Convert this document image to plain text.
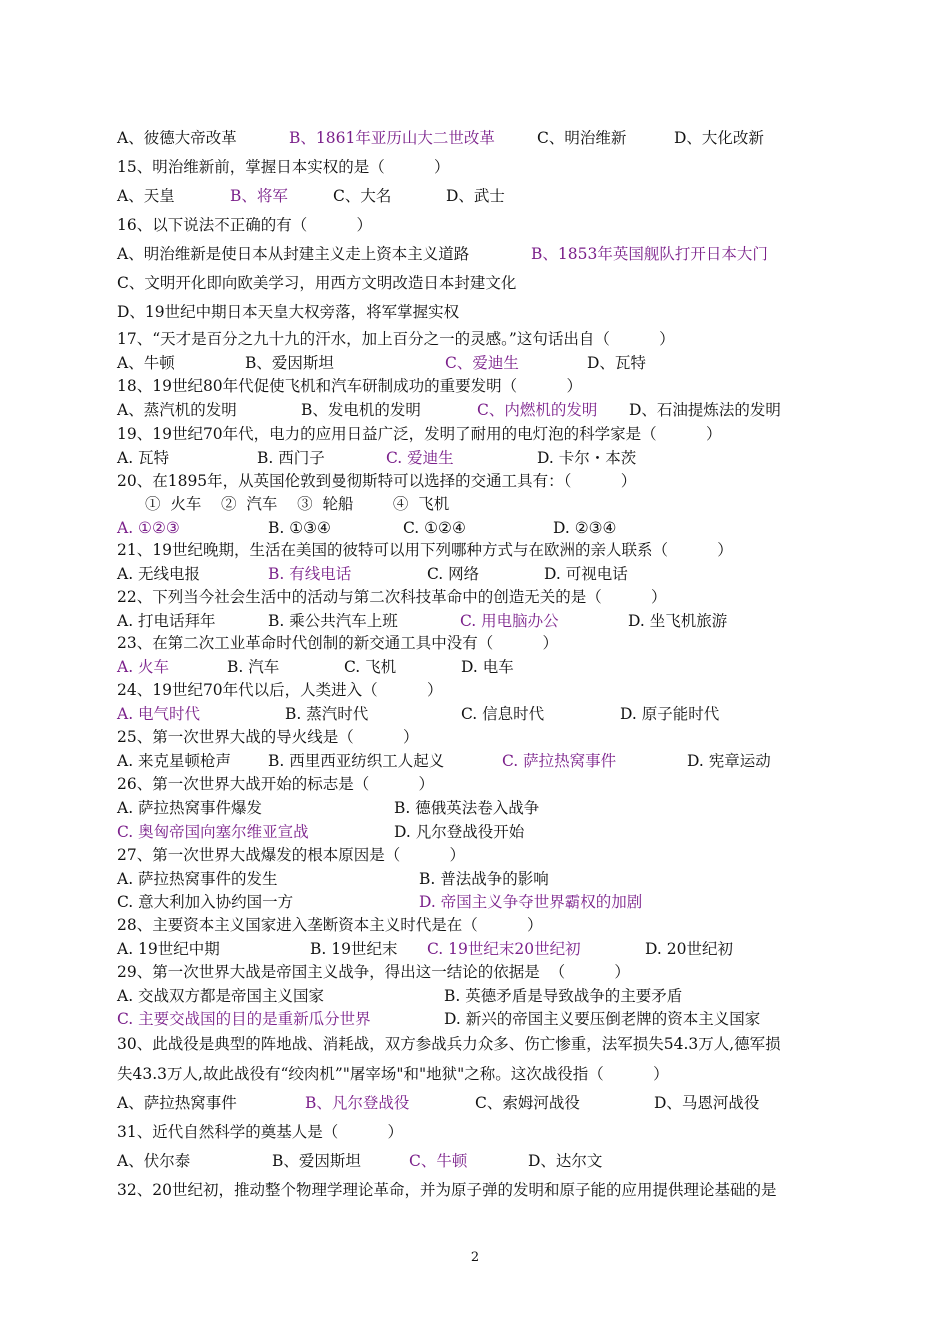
A、彼德大帝改革

	B、1861年亚历山大二世改革

	C、明治维新

	D、大化改新

15、明治维新前，掌握日本实权的是（          ）

A、天皇

	B、将军

	C、大名

	D、武士

16、以下说法不正确的有（          ）

A、明治维新是使日本从封建主义走上资本主义道路

	B、1853年英国舰队打开日本大门

C、文明开化即向欧美学习，用西方文明改造日本封建文化
D、19世纪中期日本天皇大权旁落，将军掌握实权
17、“天才是百分之九十九的汗水，加上百分之一的灵感。”这句话出自（          ）

A、牛顿

	B、爱因斯坦

	C、爱迪生

	D、瓦特

18、19世纪80年代促使飞机和汽车研制成功的重要发明（          ）

A、蒸汽机的发明

	B、发电机的发明

	C、内燃机的发明

D、石油提炼法的发明

19、19世纪70年代，电力的应用日益广泛，发明了耐用的电灯泡的科学家是（          ）

A. 瓦特

	B. 西门子

	C. 爱迪生

	D. 卡尔・本茨

20、在1895年，从英国伦敦到曼彻斯特可以选择的交通工具有：（          ）

①  火车    ②  汽车    ③  轮船        ④  飞机

A. ①②③

	B. ①③④

	C. ①②④

	D. ②③④

21、19世纪晚期，生活在美国的彼特可以用下列哪种方式与在欧洲的亲人联系（          ）

A. 无线电报

	B. 有线电话

	C. 网络

	D. 可视电话

22、下列当今社会生活中的活动与第二次科技革命中的创造无关的是（          ）

A. 打电话拜年

	B. 乘公共汽车上班

	C. 用电脑办公

	D. 坐飞机旅游

23、在第二次工业革命时代创制的新交通工具中没有（          ）

A. 火车

	B. 汽车

	C. 飞机

	D. 电车

24、19世纪70年代以后，人类进入（          ）

A. 电气时代

	B. 蒸汽时代

	C. 信息时代

	D. 原子能时代

25、第一次世界大战的导火线是（          ）

A. 来克星顿枪声

B. 西里西亚纺织工人起义

	C. 萨拉热窝事件

	D. 宪章运动

26、第一次世界大战开始的标志是（          ）

A. 萨拉热窝事件爆发

	B. 德俄英法卷入战争

C. 奥匈帝国向塞尔维亚宣战

	D. 凡尔登战役开始

27、第一次世界大战爆发的根本原因是（          ）

A. 萨拉热窝事件的发生

	B. 普法战争的影响

C. 意大利加入协约国一方

	D. 帝国主义争夺世界霸权的加剧

28、主要资本主义国家进入垄断资本主义时代是在（          ）

A. 19世纪中期

	B. 19世纪末

C. 19世纪末20世纪初

	D. 20世纪初

29、第一次世界大战是帝国主义战争，得出这一结论的依据是  （          ）

A. 交战双方都是帝国主义国家

	B. 英德矛盾是导致战争的主要矛盾

C. 主要交战国的目的是重新瓜分世界

	D. 新兴的帝国主义要压倒老牌的资本主义国家

30、此战役是典型的阵地战、消耗战，双方参战兵力众多、伤亡惨重，法军损失54.3万人,德军损
失43.3万人,故此战役有“绞肉机”"屠宰场"和"地狱"之称。这次战役指（          ）

A、萨拉热窝事件

	B、凡尔登战役

	C、索姆河战役

	D、马恩河战役

31、近代自然科学的奠基人是（          ）

A、伏尔泰

	B、爱因斯坦

	C、牛顿

	D、达尔文

32、20世纪初，推动整个物理学理论革命，并为原子弹的发明和原子能的应用提供理论基础的是
2
